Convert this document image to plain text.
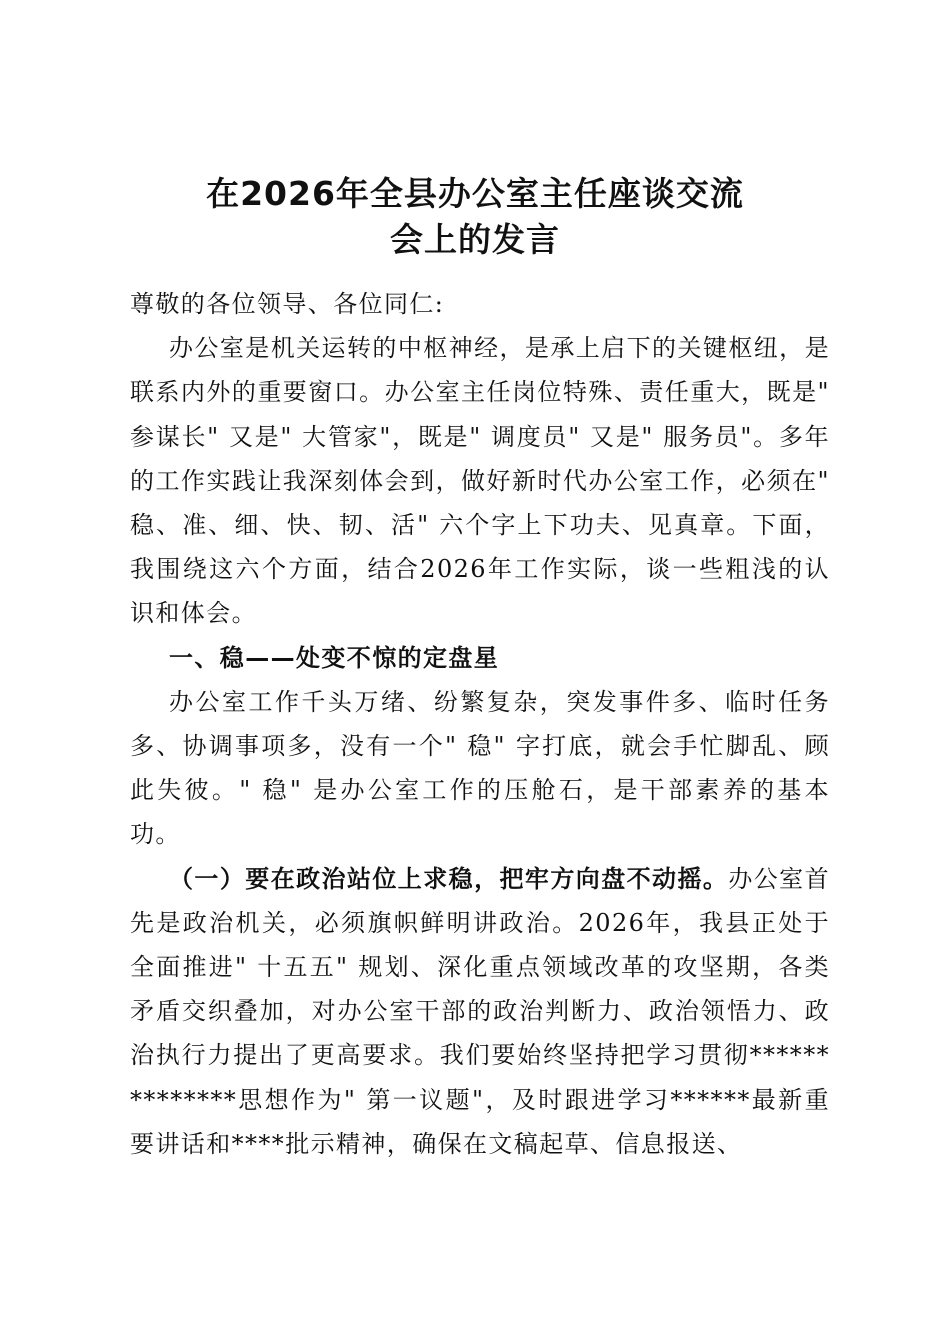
在2026年全县办公室主任座谈交流
会上的发言

尊敬的各位领导、各位同仁:

办公室是机关运转的中枢神经，是承上启下的关键枢纽，是联系内外的重要窗口。办公室主任岗位特殊、责任重大，既是" 参谋长" 又是" 大管家"，既是" 调度员" 又是" 服务员"。多年的工作实践让我深刻体会到，做好新时代办公室工作，必须在" 稳、准、细、快、韧、活" 六个字上下功夫、见真章。下面，我围绕这六个方面，结合2026年工作实际，谈一些粗浅的认识和体会。

一、稳——处变不惊的定盘星

办公室工作千头万绪、纷繁复杂，突发事件多、临时任务多、协调事项多，没有一个" 稳" 字打底，就会手忙脚乱、顾此失彼。" 稳" 是办公室工作的压舱石，是干部素养的基本功。

（一）要在政治站位上求稳，把牢方向盘不动摇。办公室首先是政治机关，必须旗帜鲜明讲政治。2026年，我县正处于全面推进" 十五五" 规划、深化重点领域改革的攻坚期，各类矛盾交织叠加，对办公室干部的政治判断力、政治领悟力、政治执行力提出了更高要求。我们要始终坚持把学习贯彻**************思想作为" 第一议题"，及时跟进学习******最新重要讲话和****批示精神，确保在文稿起草、信息报送、
